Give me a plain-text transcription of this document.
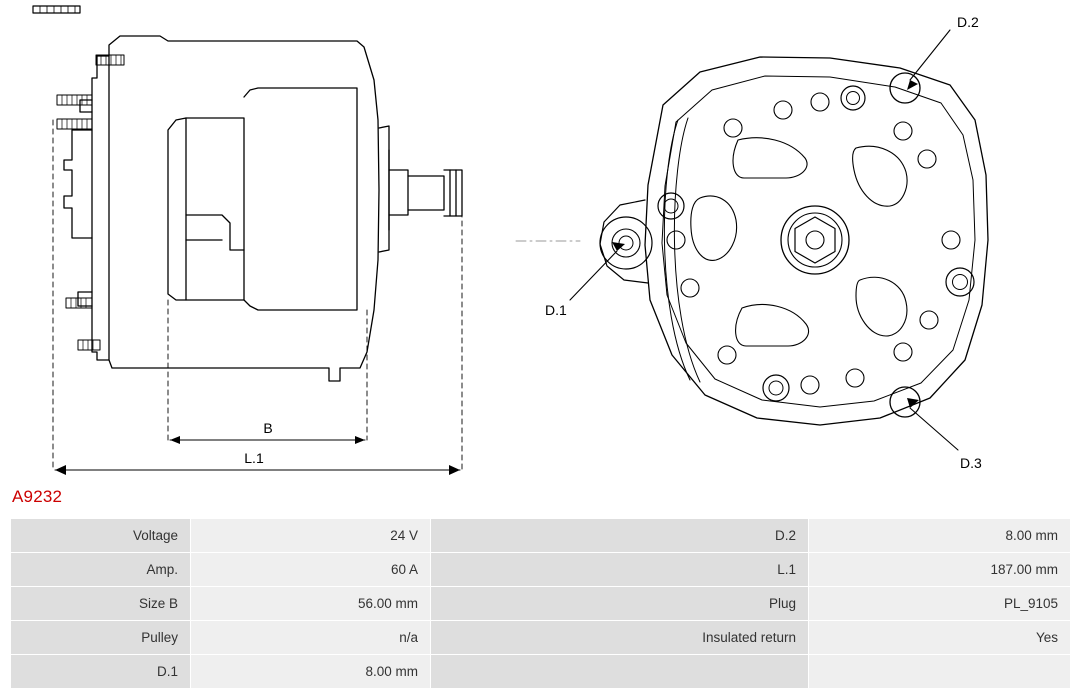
B
L.1
D.1
D.2
D.3
A9232
Voltage	24 V	D.2	8.00 mm
Amp.	60 A	L.1	187.00 mm
Size B	56.00 mm	Plug	PL_9105
Pulley	n/a	Insulated return	Yes
D.1	8.00 mm		
